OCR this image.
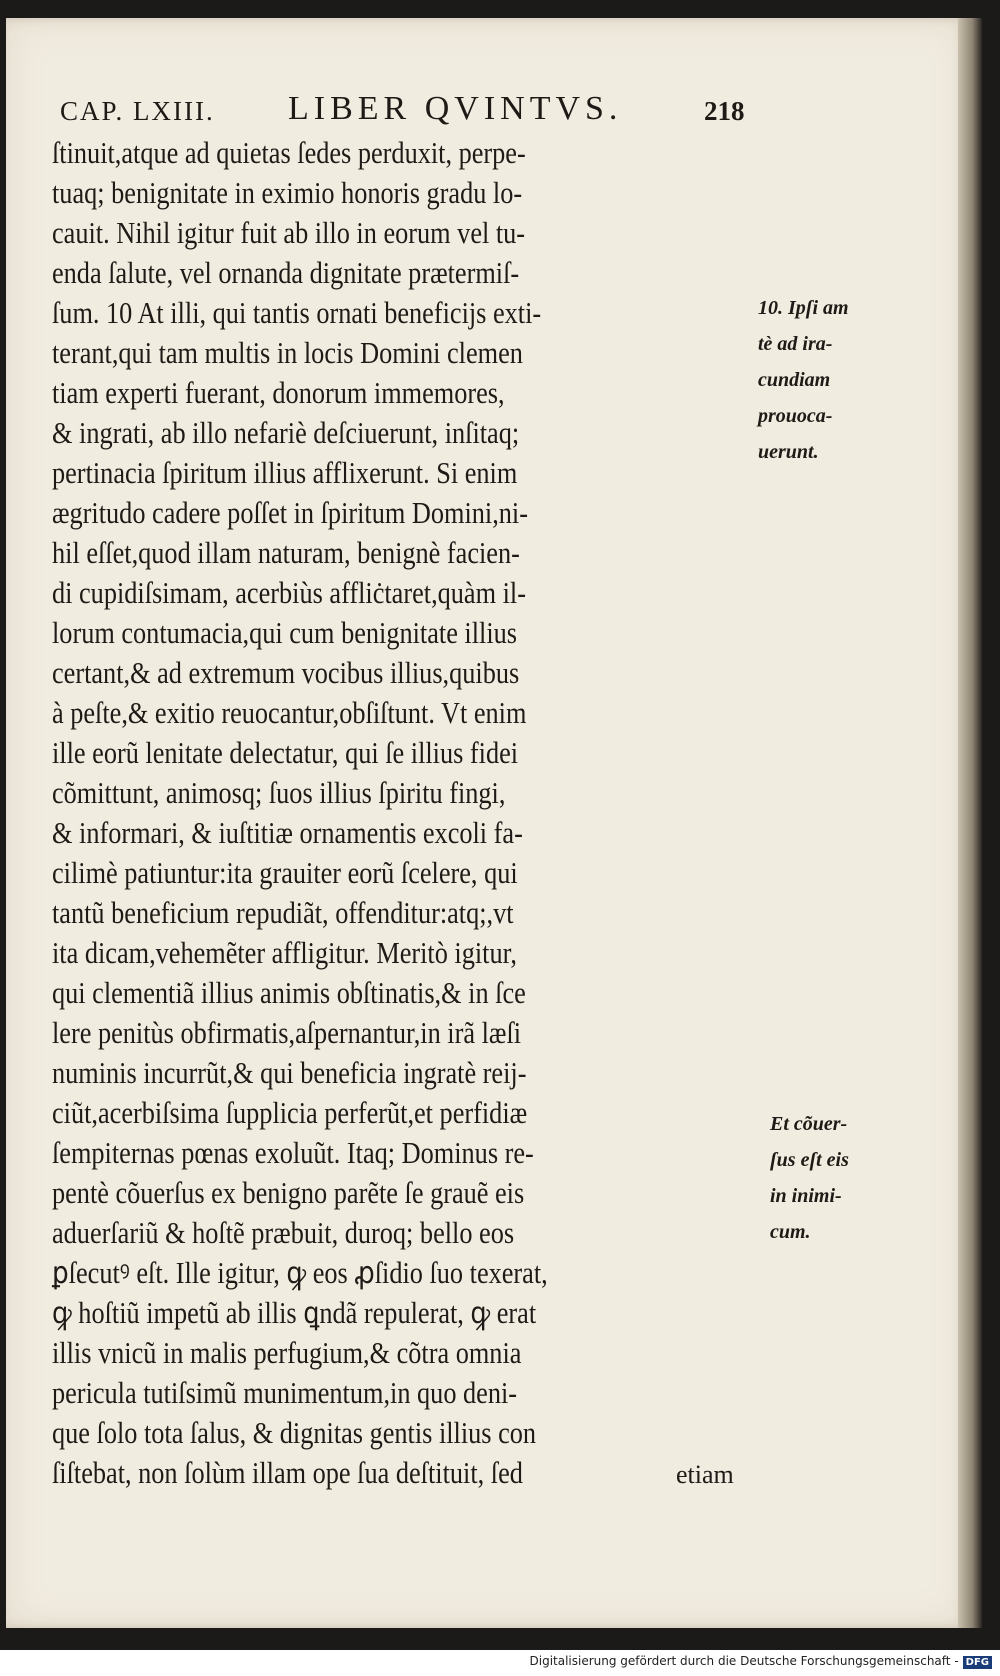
CAP. LXIII. LIBER QVINTVS.	218
ſtinuit,atque ad quietas ſedes perduxit, perpe-
tuaq; benignitate in eximio honoris gradu lo-
cauit. Nihil igitur fuit ab illo in eorum vel tu-
enda ſalute, vel ornanda dignitate prætermiſ-
ſum. 10 At illi, qui tantis ornati beneficijs exti-
terant,qui tam multis in locis Domini clemen
tiam experti fuerant, donorum immemores,
& ingrati, ab illo nefariè deſciuerunt, inſitaq;
pertinacia ſpiritum illius afflixerunt. Si enim
ægritudo cadere poſſet in ſpiritum Domini,ni-
hil eſſet,quod illam naturam, benignè facien-
di cupidiſsimam, acerbiùs affliċtaret,quàm il-
lorum contumacia,qui cum benignitate illius
certant,& ad extremum vocibus illius,quibus
à peſte,& exitio reuocantur,obſiſtunt. Vt enim
ille eorũ lenitate delectatur, qui ſe illius fidei
cõmittunt, animosq; ſuos illius ſpiritu fingi,
& informari, & iuſtitiæ ornamentis excoli fa-
cilimè patiuntur:ita grauiter eorũ ſcelere, qui
tantũ beneficium repudiãt, offenditur:atq;,vt
ita dicam,vehemẽter affligitur. Meritò igitur,
qui clementiã illius animis obſtinatis,& in ſce
lere penitùs obfirmatis,aſpernantur,in irã læſi
numinis incurrũt,& qui beneficia ingratè reij-
ciũt,acerbiſsima ſupplicia perferũt,et perfidiæ
ſempiternas pœnas exoluũt. Itaq; Dominus re-
pentè cõuerſus ex benigno parẽte ſe grauẽ eis
aduerſariũ & hoſtẽ præbuit, duroq; bello eos
ꝑſecutꝰ eſt. Ille igitur, ꝙ eos ꝓſidio ſuo texerat,
ꝙ hoſtiũ impetũ ab illis ꝗndã repulerat, ꝙ erat
illis vnicũ in malis perfugium,& cõtra omnia
pericula tutiſsimũ munimentum,in quo deni-
que ſolo tota ſalus, & dignitas gentis illius con
ſiſtebat, non ſolùm illam ope ſua deſtituit, ſed	etiam
10. Ipſi am
tè ad ira-
cundiam
prouoca-
uerunt.
Et cõuer-
ſus eſt eis
in inimi-
cum.
Digitalisierung gefördert durch die Deutsche Forschungsgemeinschaft - DFG
